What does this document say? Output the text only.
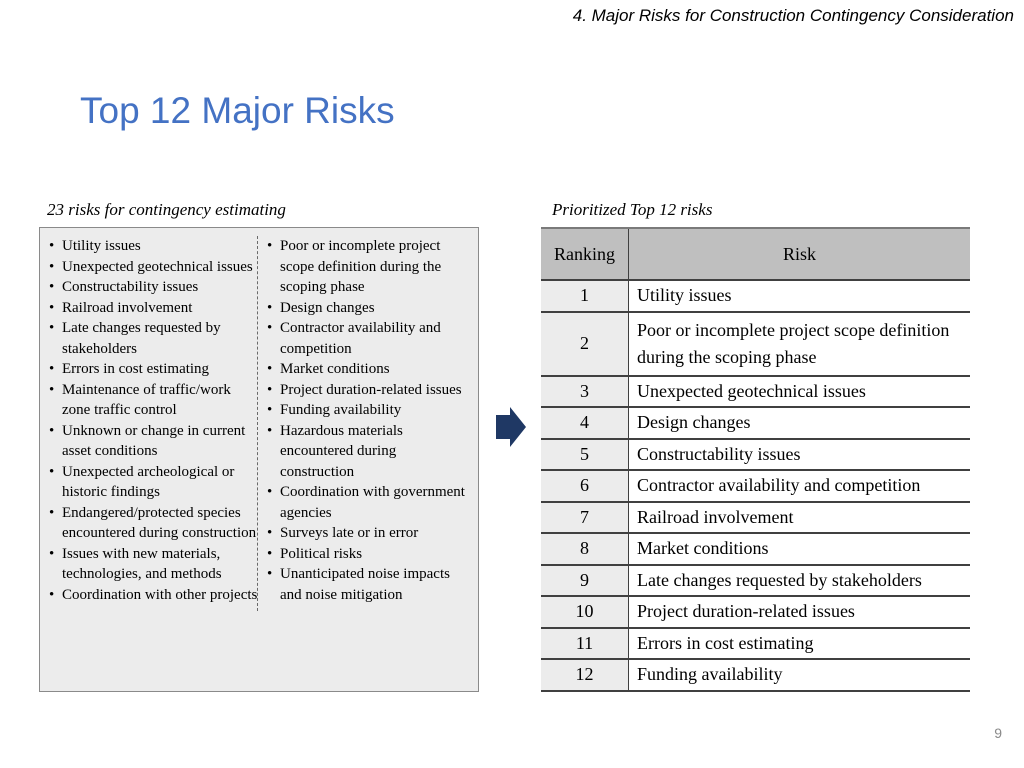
4. Major Risks for Construction Contingency Consideration
Top 12 Major Risks
23 risks for contingency estimating	Prioritized Top 12 risks
• Utility issues
• Unexpected geotechnical issues
• Constructability issues
• Railroad involvement
• Late changes requested by stakeholders
• Errors in cost estimating
• Maintenance of traffic/work zone traffic control
• Unknown or change in current asset conditions
• Unexpected archeological or historic findings
• Endangered/protected species encountered during construction
• Issues with new materials, technologies, and methods
• Coordination with other projects
• Poor or incomplete project scope definition during the scoping phase
• Design changes
• Contractor availability and competition
• Market conditions
• Project duration-related issues
• Funding availability
• Hazardous materials encountered during construction
• Coordination with government agencies
• Surveys late or in error
• Political risks
• Unanticipated noise impacts and noise mitigation
Ranking	Risk
1	Utility issues
2	Poor or incomplete project scope definition during the scoping phase
3	Unexpected geotechnical issues
4	Design changes
5	Constructability issues
6	Contractor availability and competition
7	Railroad involvement
8	Market conditions
9	Late changes requested by stakeholders
10	Project duration-related issues
11	Errors in cost estimating
12	Funding availability
9
